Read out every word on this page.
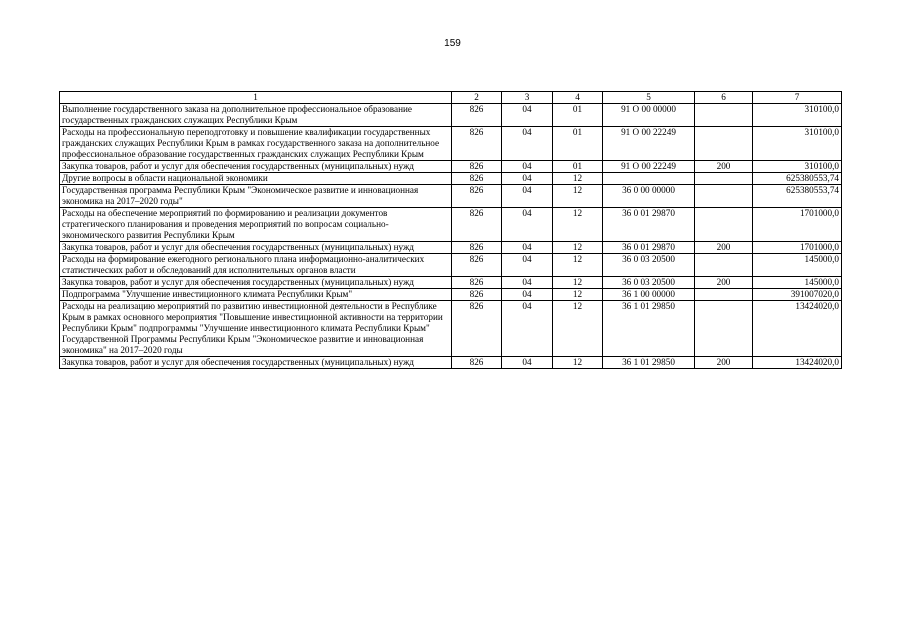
159
1	2	3	4	5	6	7
Выполнение государственного заказа на дополнительное профессиональное образование государственных гражданских служащих Республики Крым	826	04	01	91 О 00 00000		310100,0
Расходы на профессиональную переподготовку и повышение квалификации государственных гражданских служащих Республики Крым в рамках государственного заказа на дополнительное профессиональное образование государственных гражданских служащих Республики Крым	826	04	01	91 О 00 22249		310100,0
Закупка товаров, работ и услуг для обеспечения государственных (муниципальных) нужд	826	04	01	91 О 00 22249	200	310100,0
Другие вопросы в области национальной экономики	826	04	12			625380553,74
Государственная программа Республики Крым "Экономическое развитие и инновационная экономика на 2017–2020 годы"	826	04	12	36 0 00 00000		625380553,74
Расходы на обеспечение мероприятий по формированию и реализации документов стратегического планирования и проведения мероприятий по вопросам социально-экономического развития Республики Крым	826	04	12	36 0 01 29870		1701000,0
Закупка товаров, работ и услуг для обеспечения государственных (муниципальных) нужд	826	04	12	36 0 01 29870	200	1701000,0
Расходы на формирование ежегодного регионального плана информационно-аналитических статистических работ и обследований для исполнительных органов власти	826	04	12	36 0 03 20500		145000,0
Закупка товаров, работ и услуг для обеспечения государственных (муниципальных) нужд	826	04	12	36 0 03 20500	200	145000,0
Подпрограмма "Улучшение инвестиционного климата Республики Крым"	826	04	12	36 1 00 00000		391007020,0
Расходы на реализацию мероприятий по развитию инвестиционной деятельности в Республике Крым в рамках основного мероприятия "Повышение инвестиционной активности на территории Республики Крым" подпрограммы "Улучшение инвестиционного климата Республики Крым" Государственной Программы Республики Крым "Экономическое развитие и инновационная экономика" на 2017–2020 годы	826	04	12	36 1 01 29850		13424020,0
Закупка товаров, работ и услуг для обеспечения государственных (муниципальных) нужд	826	04	12	36 1 01 29850	200	13424020,0
